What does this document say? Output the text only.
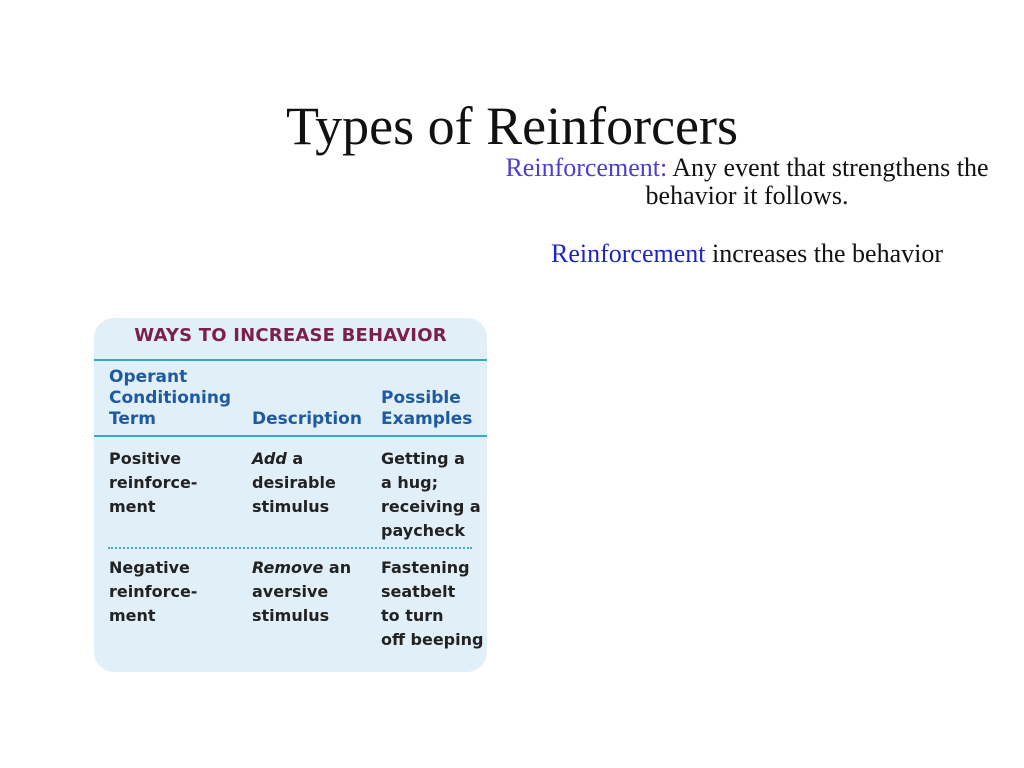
Types of Reinforcers

Reinforcement: Any event that strengthens the behavior it follows.

Reinforcement increases the behavior

WAYS TO INCREASE BEHAVIOR
Operant
Conditioning
Term	Description
Possible
Examples
Positive
reinforce-
ment
Add a
desirable
stimulus
Getting a
a hug;
receiving a
paycheck
Negative
reinforce-
ment
Remove an
aversive
stimulus
Fastening
seatbelt
to turn
off beeping
